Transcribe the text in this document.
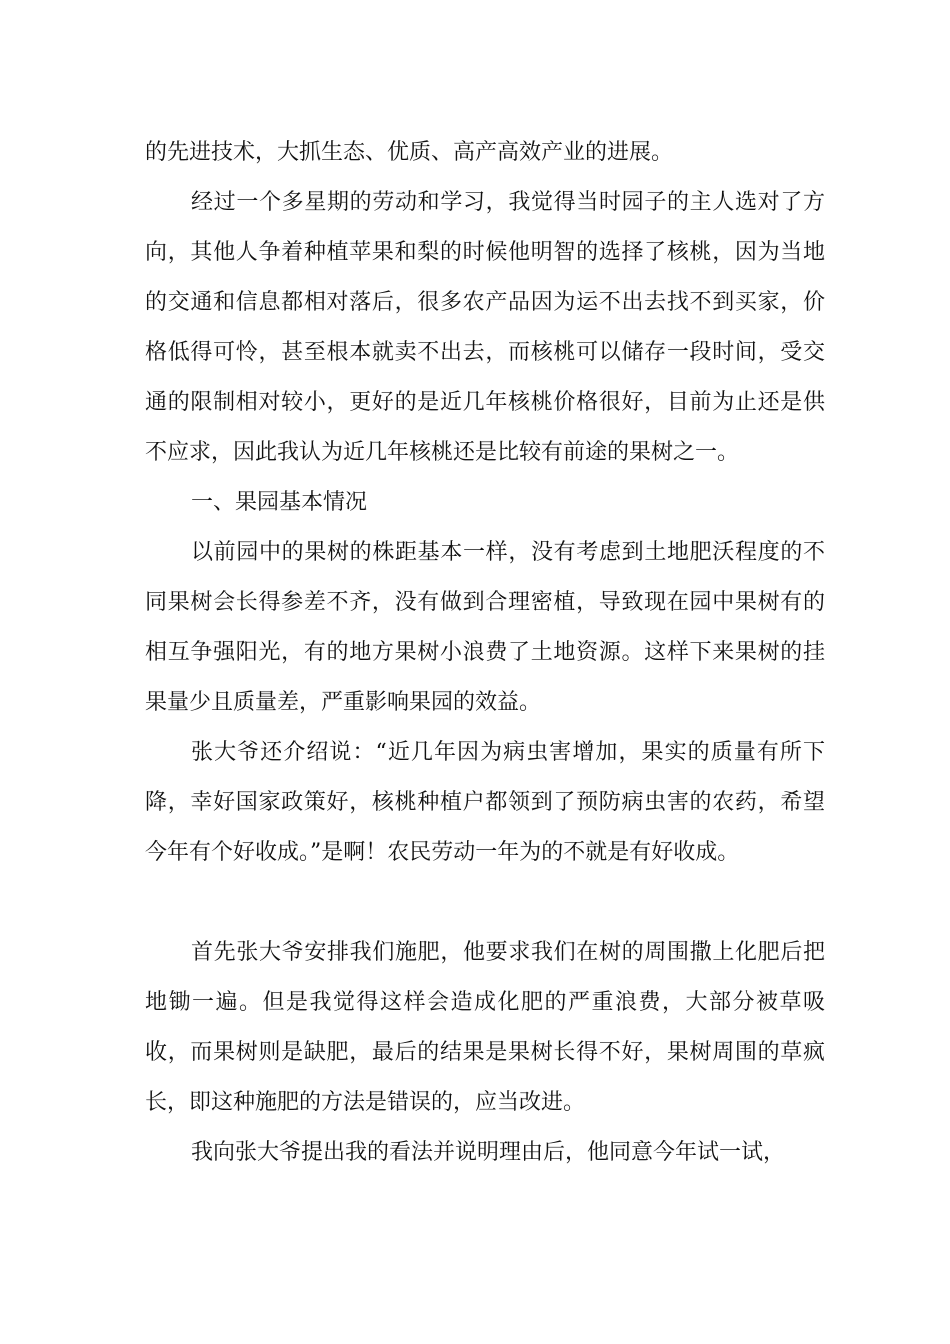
的先进技术，大抓生态、优质、高产高效产业的进展。

经过一个多星期的劳动和学习，我觉得当时园子的主人选对了方向，其他人争着种植苹果和梨的时候他明智的选择了核桃，因为当地的交通和信息都相对落后，很多农产品因为运不出去找不到买家，价格低得可怜，甚至根本就卖不出去，而核桃可以储存一段时间，受交通的限制相对较小，更好的是近几年核桃价格很好，目前为止还是供不应求，因此我认为近几年核桃还是比较有前途的果树之一。

一、果园基本情况

以前园中的果树的株距基本一样，没有考虑到土地肥沃程度的不同果树会长得参差不齐，没有做到合理密植，导致现在园中果树有的相互争强阳光，有的地方果树小浪费了土地资源。这样下来果树的挂果量少且质量差，严重影响果园的效益。

张大爷还介绍说：“近几年因为病虫害增加，果实的质量有所下降，幸好国家政策好，核桃种植户都领到了预防病虫害的农药，希望今年有个好收成。”是啊！农民劳动一年为的不就是有好收成。

首先张大爷安排我们施肥，他要求我们在树的周围撒上化肥后把地锄一遍。但是我觉得这样会造成化肥的严重浪费，大部分被草吸收，而果树则是缺肥，最后的结果是果树长得不好，果树周围的草疯长，即这种施肥的方法是错误的，应当改进。

我向张大爷提出我的看法并说明理由后，他同意今年试一试，
